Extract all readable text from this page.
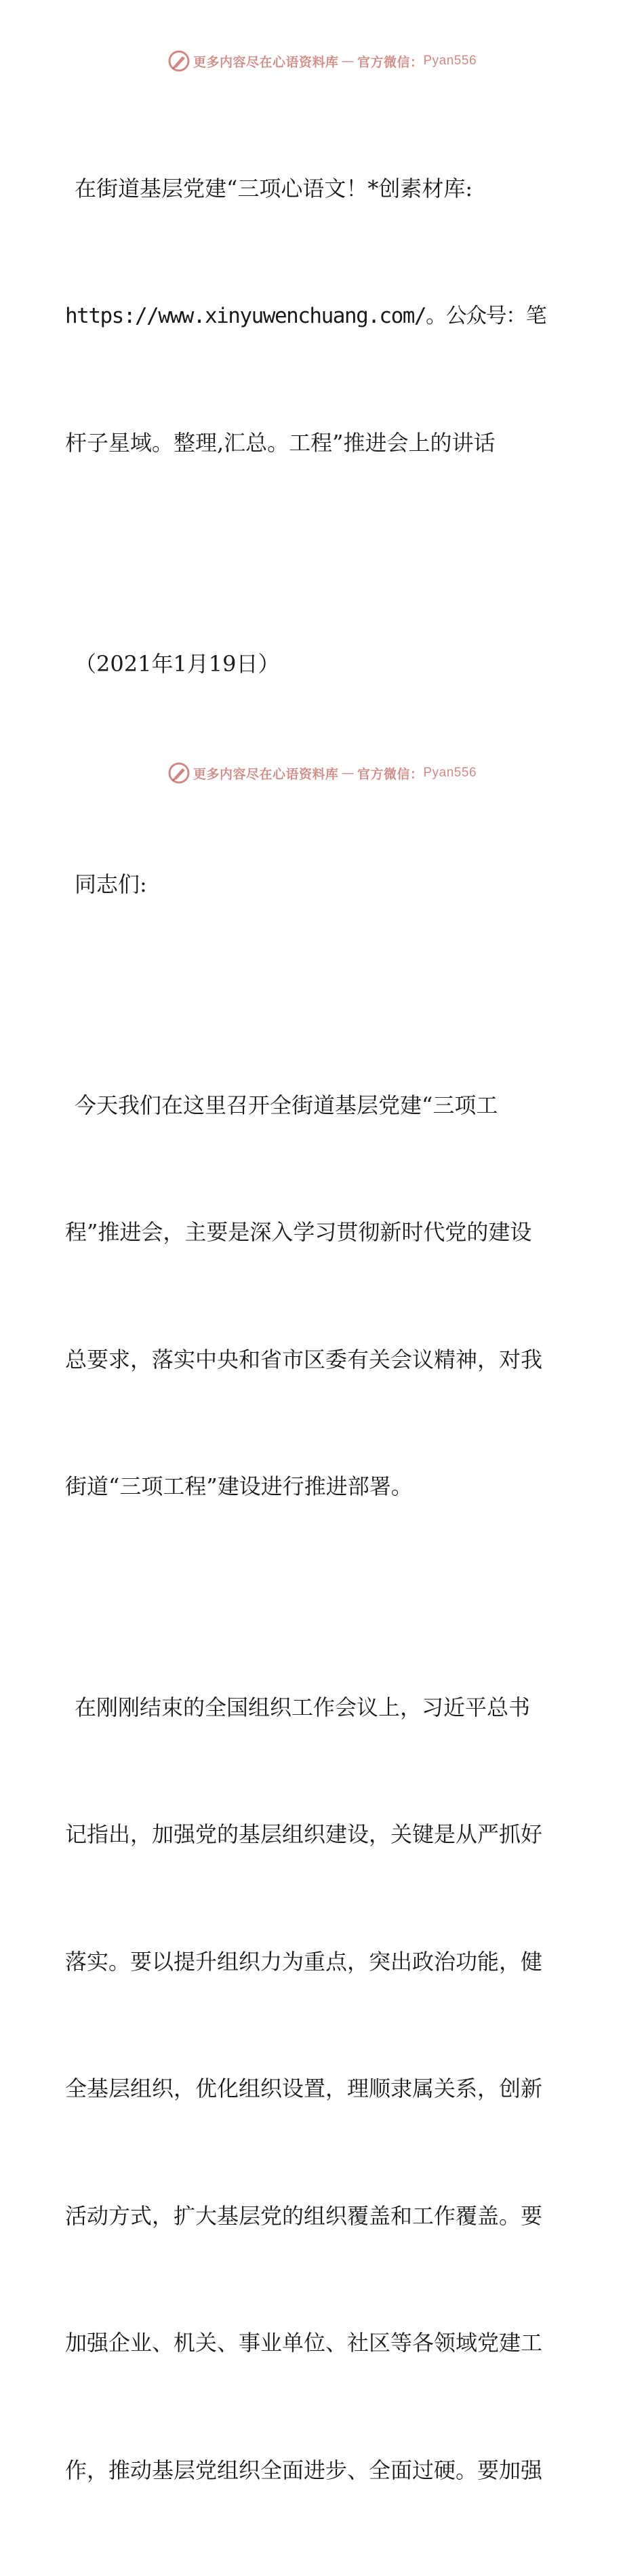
更多内容尽在心语资料库 — 官方微信： Pyan556

在街道基层党建“三项心语文！*创素材库:

https://www.xinyuwenchuang.com/。公众号：笔

杆子星域。整理,汇总。工程”推进会上的讲话

（2021年1月19日）

同志们:

今天我们在这里召开全街道基层党建“三项工

程”推进会，主要是深入学习贯彻新时代党的建设

总要求，落实中央和省市区委有关会议精神，对我

街道“三项工程”建设进行推进部署。

在刚刚结束的全国组织工作会议上，习近平总书

记指出，加强党的基层组织建设，关键是从严抓好

落实。要以提升组织力为重点，突出政治功能，健

全基层组织，优化组织设置，理顺隶属关系，创新

活动方式，扩大基层党的组织覆盖和工作覆盖。要

加强企业、机关、事业单位、社区等各领域党建工

作，推动基层党组织全面进步、全面过硬。要加强

更多内容尽在心语资料库 — 官方微信： Pyan556
